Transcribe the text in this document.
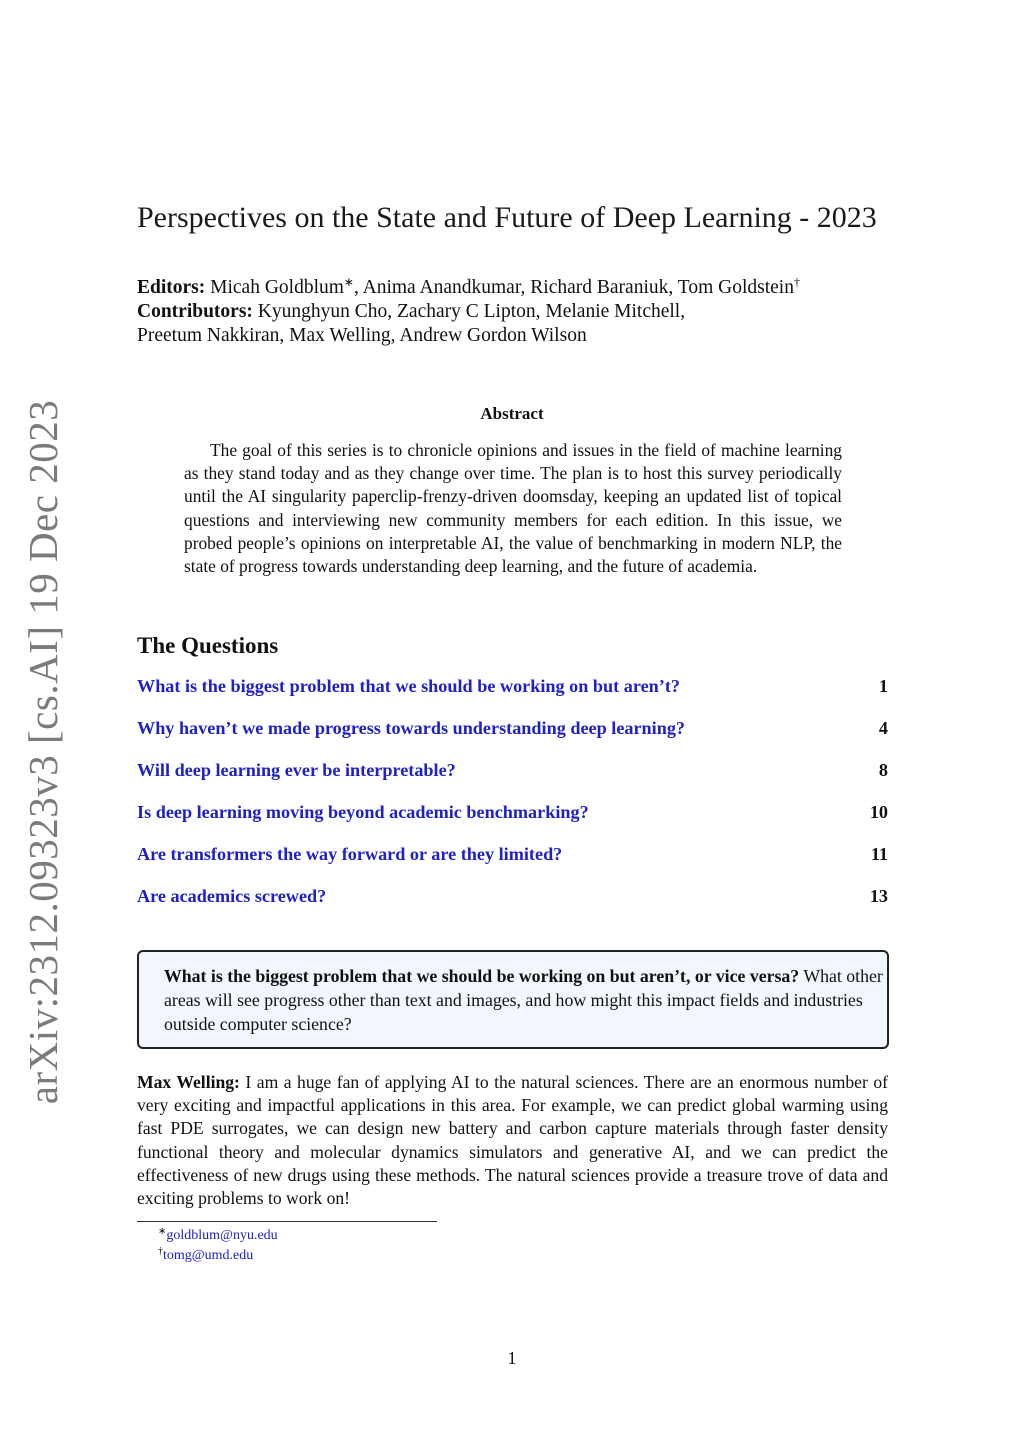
arXiv:2312.09323v3 [cs.AI] 19 Dec 2023
Perspectives on the State and Future of Deep Learning - 2023
Editors: Micah Goldblum∗, Anima Anandkumar, Richard Baraniuk, Tom Goldstein†
Contributors: Kyunghyun Cho, Zachary C Lipton, Melanie Mitchell,
Preetum Nakkiran, Max Welling, Andrew Gordon Wilson
Abstract

The goal of this series is to chronicle opinions and issues in the field of machine learning as they stand today and as they change over time. The plan is to host this survey periodically until the AI singularity paperclip-frenzy-driven doomsday, keeping an updated list of topical questions and interviewing new community members for each edition. In this issue, we probed people’s opinions on interpretable AI, the value of benchmarking in modern NLP, the state of progress towards understanding deep learning, and the future of academia.

The Questions
What is the biggest problem that we should be working on but aren’t?	1
Why haven’t we made progress towards understanding deep learning?	4
Will deep learning ever be interpretable?	8
Is deep learning moving beyond academic benchmarking?	10
Are transformers the way forward or are they limited?	11
Are academics screwed?	13
What is the biggest problem that we should be working on but aren’t, or vice versa? What other areas will see progress other than text and images, and how might this impact fields and industries outside computer science?

Max Welling: I am a huge fan of applying AI to the natural sciences. There are an enormous number of very exciting and impactful applications in this area. For example, we can predict global warming using fast PDE surrogates, we can design new battery and carbon capture materials through faster density functional theory and molecular dynamics simulators and generative AI, and we can predict the effectiveness of new drugs using these methods. The natural sciences provide a treasure trove of data and exciting problems to work on!

∗goldblum@nyu.edu
†tomg@umd.edu
1
